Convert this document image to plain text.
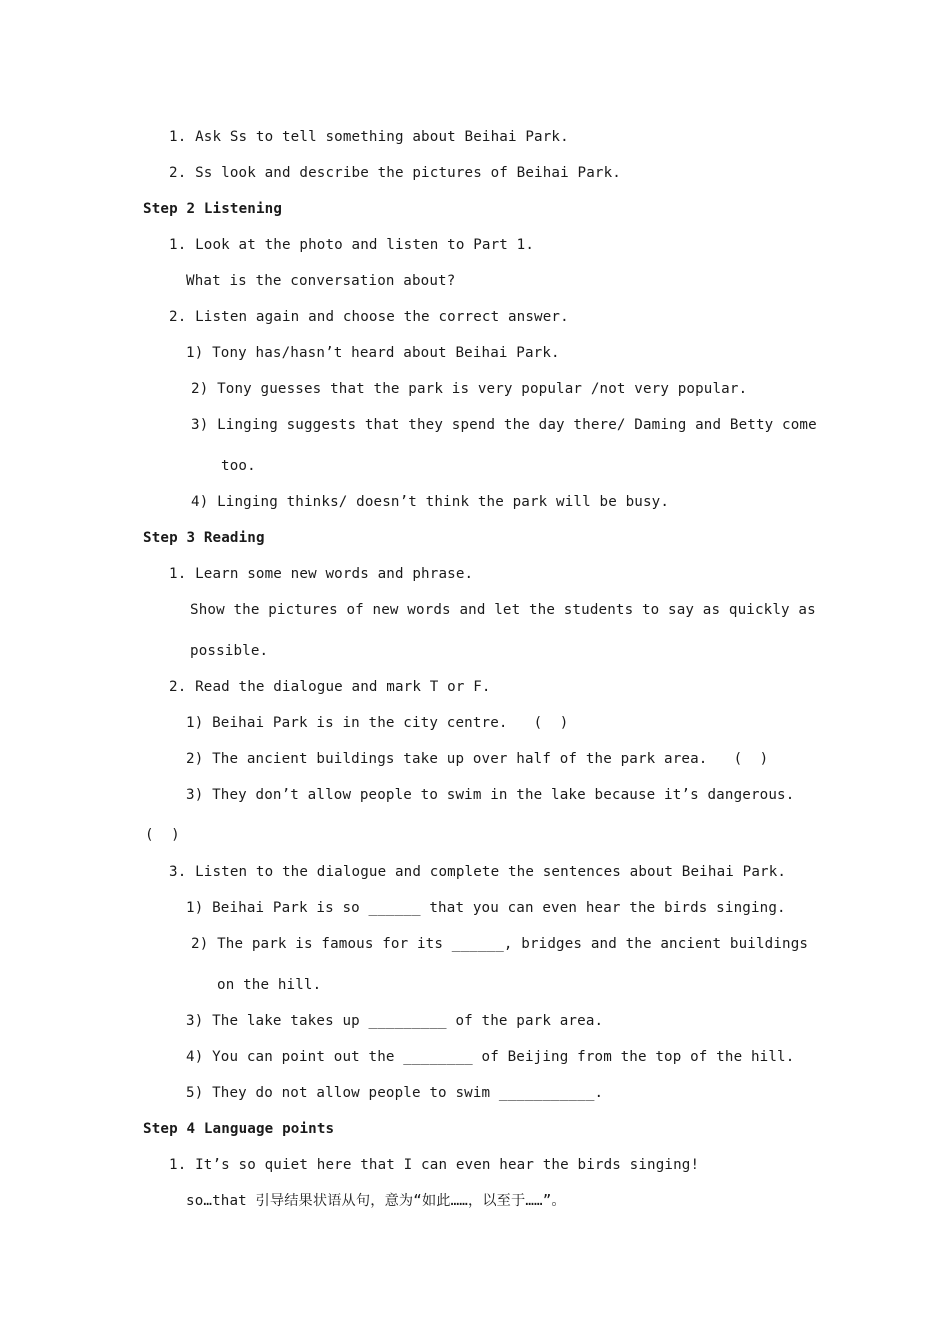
1. Ask Ss to tell something about Beihai Park.
2. Ss look and describe the pictures of Beihai Park.
Step 2 Listening
1. Look at the photo and listen to Part 1.
What is the conversation about?
2. Listen again and choose the correct answer.
1) Tony has/hasn’t heard about Beihai Park.
2) Tony guesses that the park is very popular /not very popular.
3) Linging suggests that they spend the day there/ Daming and Betty come
too.
4) Linging thinks/ doesn’t think the park will be busy.
Step 3 Reading
1. Learn some new words and phrase.
Show the pictures of new words and let the students to say as quickly as
possible.
2. Read the dialogue and mark T or F.
1) Beihai Park is in the city centre.   (  )
2) The ancient buildings take up over half of the park area.   (  )
3) They don’t allow people to swim in the lake because it’s dangerous.
(  )
3. Listen to the dialogue and complete the sentences about Beihai Park.
1) Beihai Park is so ______ that you can even hear the birds singing.
2) The park is famous for its ______, bridges and the ancient buildings
on the hill.
3) The lake takes up _________ of the park area.
4) You can point out the ________ of Beijing from the top of the hill.
5) They do not allow people to swim ___________.
Step 4 Language points
1. It’s so quiet here that I can even hear the birds singing!
so…that 引导结果状语从句，意为“如此……，以至于……”。
